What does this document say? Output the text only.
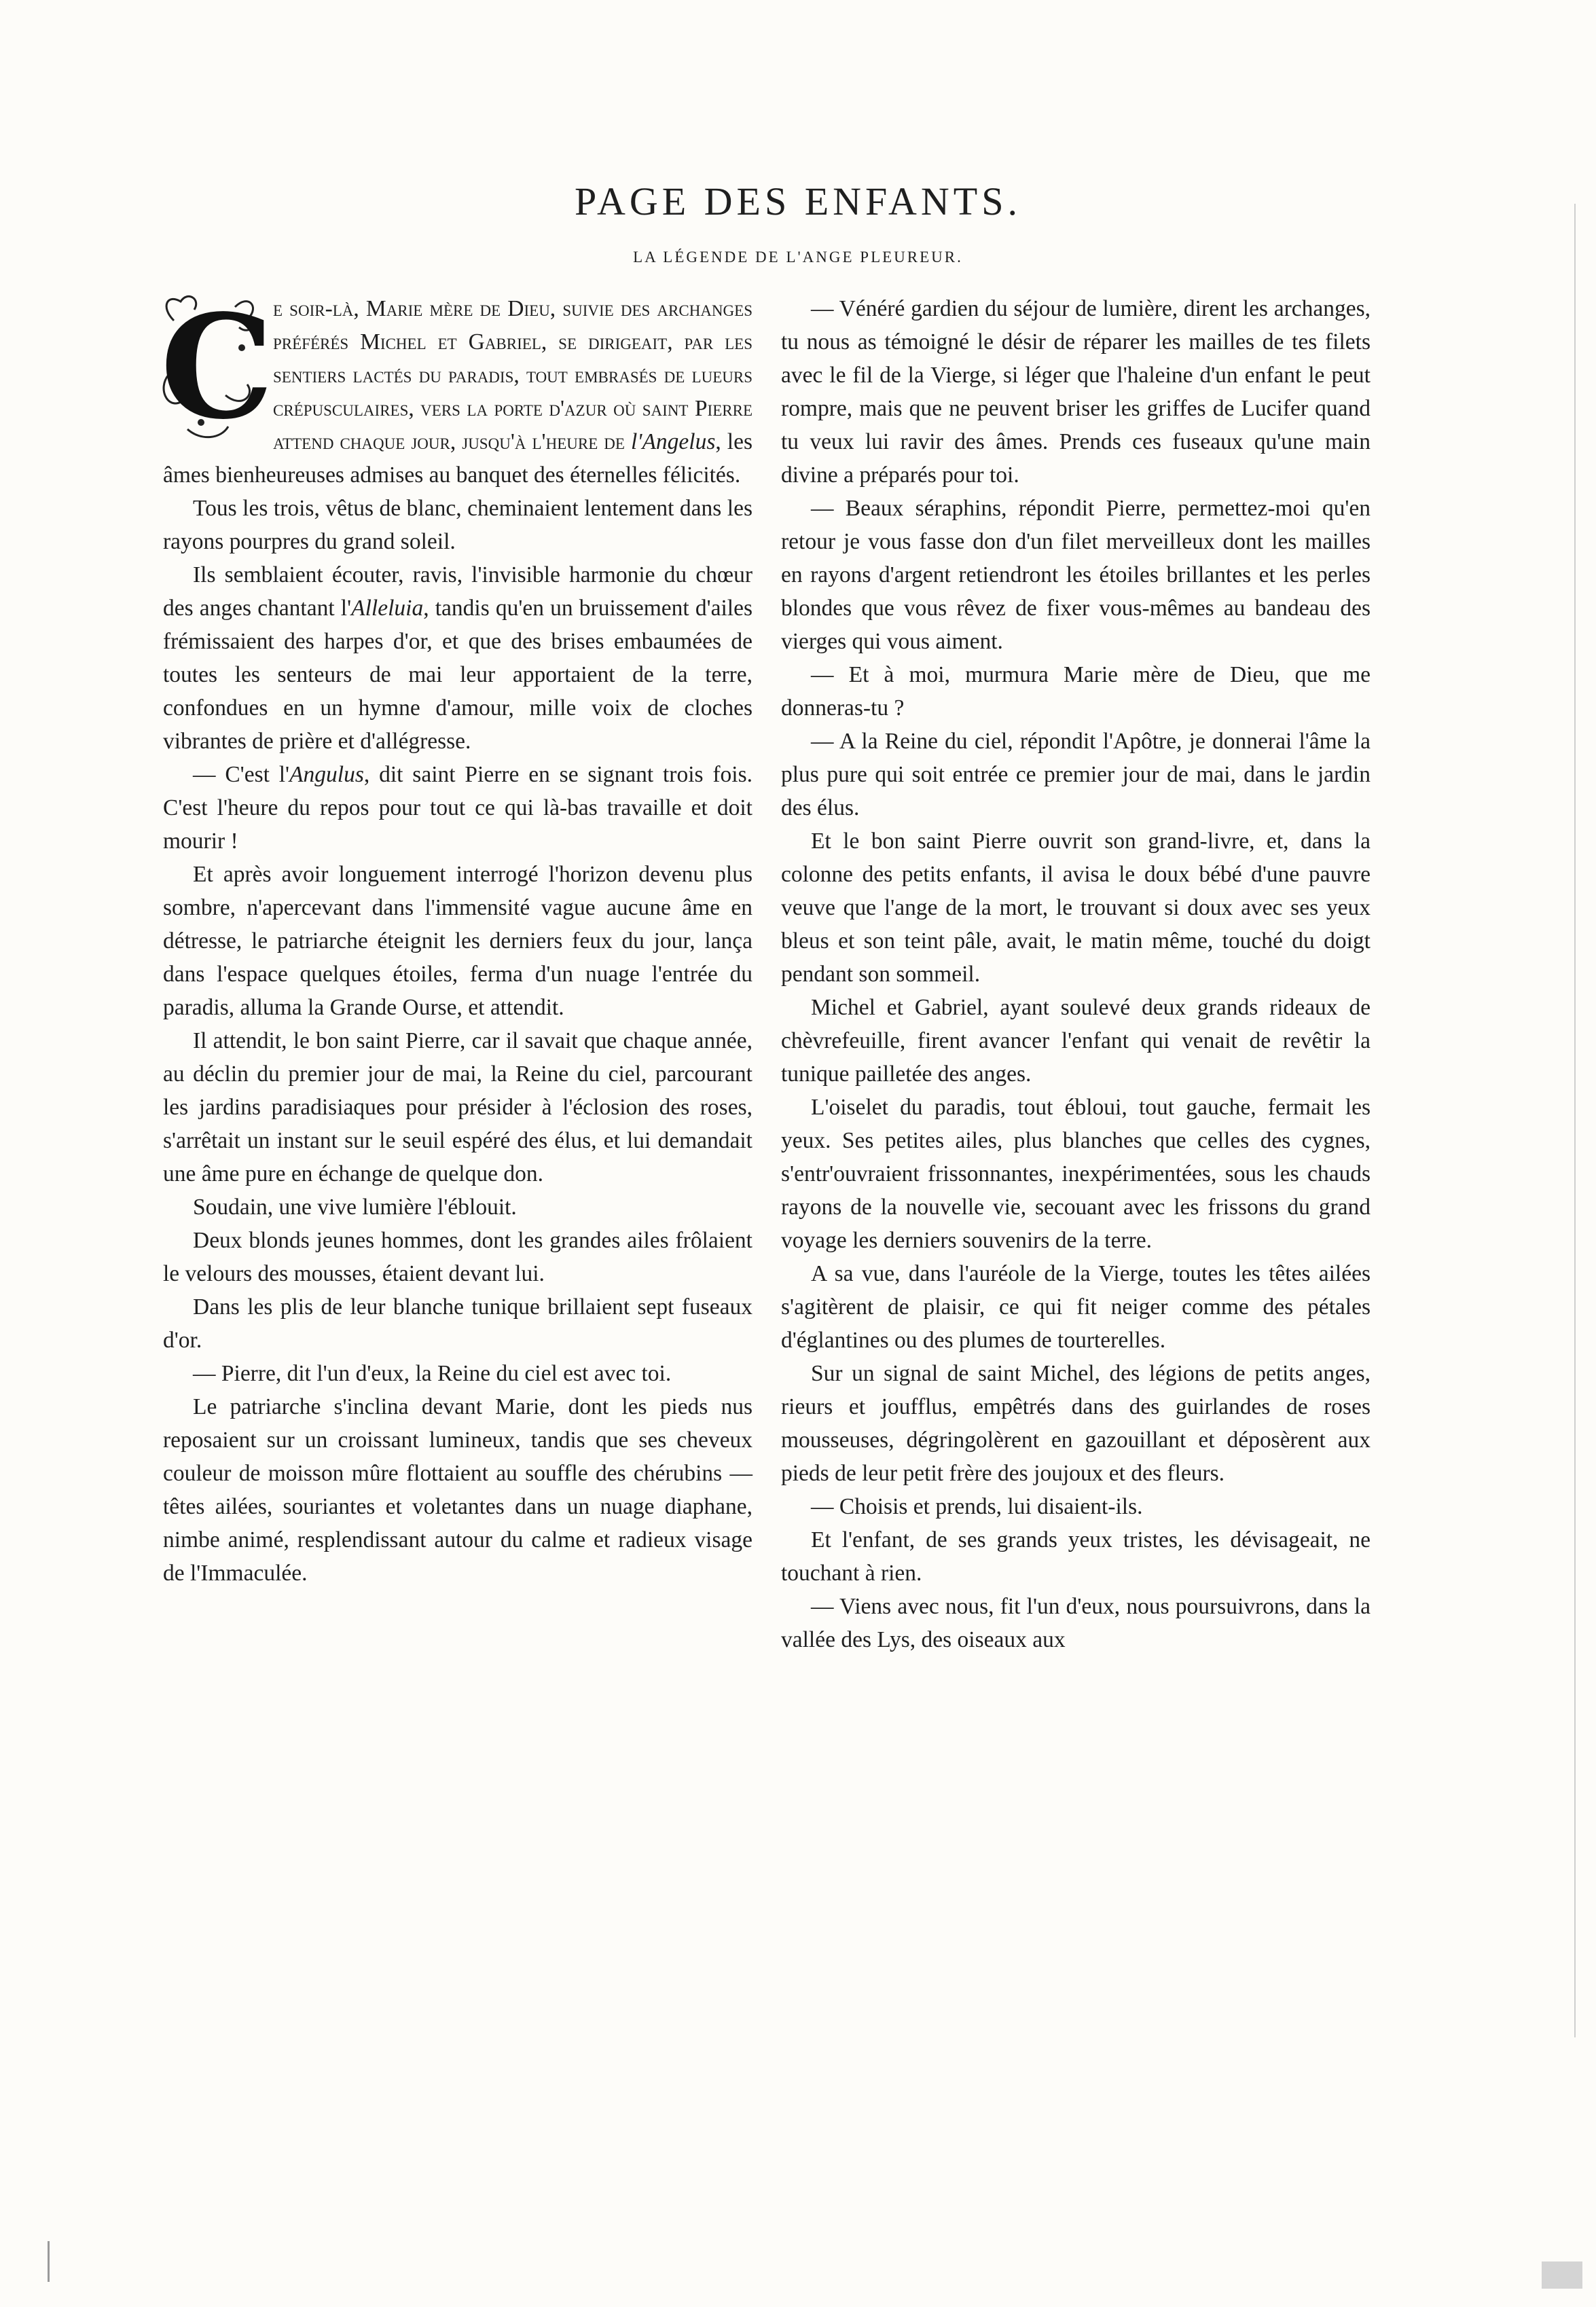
PAGE DES ENFANTS.
LA LÉGENDE DE L'ANGE PLEUREUR.

C
e soir-là, Marie mère de Dieu, suivie des archanges préférés Michel et Gabriel, se dirigeait, par les sentiers lactés du paradis, tout embrasés de lueurs crépusculaires, vers la porte d'azur où saint Pierre attend chaque jour, jusqu'à l'heure de l'Angelus, les âmes bienheureuses admises au banquet des éternelles félicités.

Tous les trois, vêtus de blanc, cheminaient lentement dans les rayons pourpres du grand soleil.

Ils semblaient écouter, ravis, l'invisible harmonie du chœur des anges chantant l'Alleluia, tandis qu'en un bruissement d'ailes frémissaient des harpes d'or, et que des brises embaumées de toutes les senteurs de mai leur apportaient de la terre, confondues en un hymne d'amour, mille voix de cloches vibrantes de prière et d'allégresse.

— C'est l'Angulus, dit saint Pierre en se signant trois fois. C'est l'heure du repos pour tout ce qui là-bas travaille et doit mourir !

Et après avoir longuement interrogé l'horizon devenu plus sombre, n'apercevant dans l'immensité vague aucune âme en détresse, le patriarche éteignit les derniers feux du jour, lança dans l'espace quelques étoiles, ferma d'un nuage l'entrée du paradis, alluma la Grande Ourse, et attendit.

Il attendit, le bon saint Pierre, car il savait que chaque année, au déclin du premier jour de mai, la Reine du ciel, parcourant les jardins paradisiaques pour présider à l'éclosion des roses, s'arrêtait un instant sur le seuil espéré des élus, et lui demandait une âme pure en échange de quelque don.

Soudain, une vive lumière l'éblouit.

Deux blonds jeunes hommes, dont les grandes ailes frôlaient le velours des mousses, étaient devant lui.

Dans les plis de leur blanche tunique brillaient sept fuseaux d'or.

— Pierre, dit l'un d'eux, la Reine du ciel est avec toi.

Le patriarche s'inclina devant Marie, dont les pieds nus reposaient sur un croissant lumineux, tandis que ses cheveux couleur de moisson mûre flottaient au souffle des chérubins — têtes ailées, souriantes et voletantes dans un nuage diaphane, nimbe animé, resplendissant autour du calme et radieux visage de l'Immaculée.

— Vénéré gardien du séjour de lumière, dirent les archanges, tu nous as témoigné le désir de réparer les mailles de tes filets avec le fil de la Vierge, si léger que l'haleine d'un enfant le peut rompre, mais que ne peuvent briser les griffes de Lucifer quand tu veux lui ravir des âmes. Prends ces fuseaux qu'une main divine a préparés pour toi.

— Beaux séraphins, répondit Pierre, permettez-moi qu'en retour je vous fasse don d'un filet merveilleux dont les mailles en rayons d'argent retiendront les étoiles brillantes et les perles blondes que vous rêvez de fixer vous-mêmes au bandeau des vierges qui vous aiment.

— Et à moi, murmura Marie mère de Dieu, que me donneras-tu ?

— A la Reine du ciel, répondit l'Apôtre, je donnerai l'âme la plus pure qui soit entrée ce premier jour de mai, dans le jardin des élus.

Et le bon saint Pierre ouvrit son grand-livre, et, dans la colonne des petits enfants, il avisa le doux bébé d'une pauvre veuve que l'ange de la mort, le trouvant si doux avec ses yeux bleus et son teint pâle, avait, le matin même, touché du doigt pendant son sommeil.

Michel et Gabriel, ayant soulevé deux grands rideaux de chèvrefeuille, firent avancer l'enfant qui venait de revêtir la tunique pailletée des anges.

L'oiselet du paradis, tout ébloui, tout gauche, fermait les yeux. Ses petites ailes, plus blanches que celles des cygnes, s'entr'ouvraient frissonnantes, inexpérimentées, sous les chauds rayons de la nouvelle vie, secouant avec les frissons du grand voyage les derniers souvenirs de la terre.

A sa vue, dans l'auréole de la Vierge, toutes les têtes ailées s'agitèrent de plaisir, ce qui fit neiger comme des pétales d'églantines ou des plumes de tourterelles.

Sur un signal de saint Michel, des légions de petits anges, rieurs et joufflus, empêtrés dans des guirlandes de roses mousseuses, dégringolèrent en gazouillant et déposèrent aux pieds de leur petit frère des joujoux et des fleurs.

— Choisis et prends, lui disaient-ils.

Et l'enfant, de ses grands yeux tristes, les dévisageait, ne touchant à rien.

— Viens avec nous, fit l'un d'eux, nous poursuivrons, dans la vallée des Lys, des oiseaux aux
